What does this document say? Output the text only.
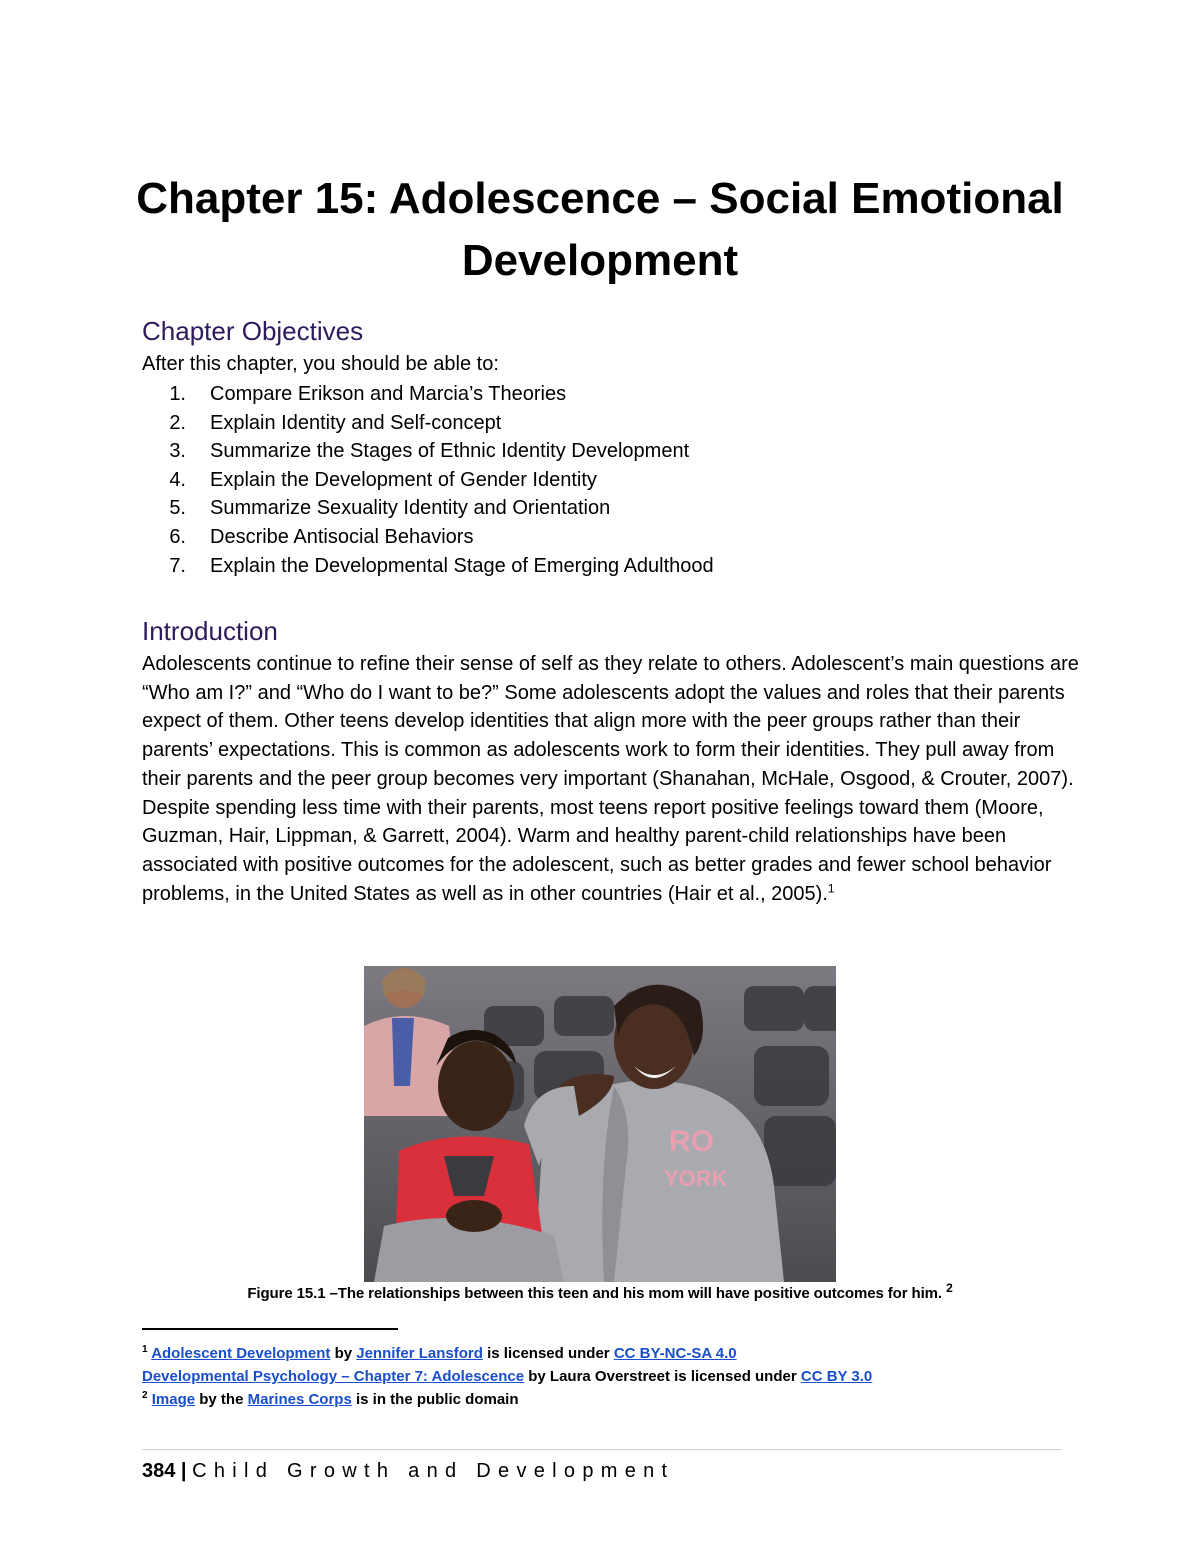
Chapter 15: Adolescence – Social Emotional Development
Chapter Objectives

After this chapter, you should be able to:

1. Compare Erikson and Marcia’s Theories
2. Explain Identity and Self-concept
3. Summarize the Stages of Ethnic Identity Development
4. Explain the Development of Gender Identity
5. Summarize Sexuality Identity and Orientation
6. Describe Antisocial Behaviors
7. Explain the Developmental Stage of Emerging Adulthood
Introduction

Adolescents continue to refine their sense of self as they relate to others. Adolescent’s main questions are “Who am I?” and “Who do I want to be?” Some adolescents adopt the values and roles that their parents expect of them. Other teens develop identities that align more with the peer groups rather than their parents’ expectations. This is common as adolescents work to form their identities. They pull away from their parents and the peer group becomes very important (Shanahan, McHale, Osgood, & Crouter, 2007). Despite spending less time with their parents, most teens report positive feelings toward them (Moore, Guzman, Hair, Lippman, & Garrett, 2004). Warm and healthy parent-child relationships have been associated with positive outcomes for the adolescent, such as better grades and fewer school behavior problems, in the United States as well as in other countries (Hair et al., 2005).$^1$

RO
YORK
Figure 15.1 –The relationships between this teen and his mom will have positive outcomes for him. $^2$
$^1$ Adolescent Development by Jennifer Lansford is licensed under CC BY-NC-SA 4.0
Developmental Psychology – Chapter 7: Adolescence by Laura Overstreet is licensed under CC BY 3.0
$^2$ Image by the Marines Corps is in the public domain
384 | Child Growth and Development
